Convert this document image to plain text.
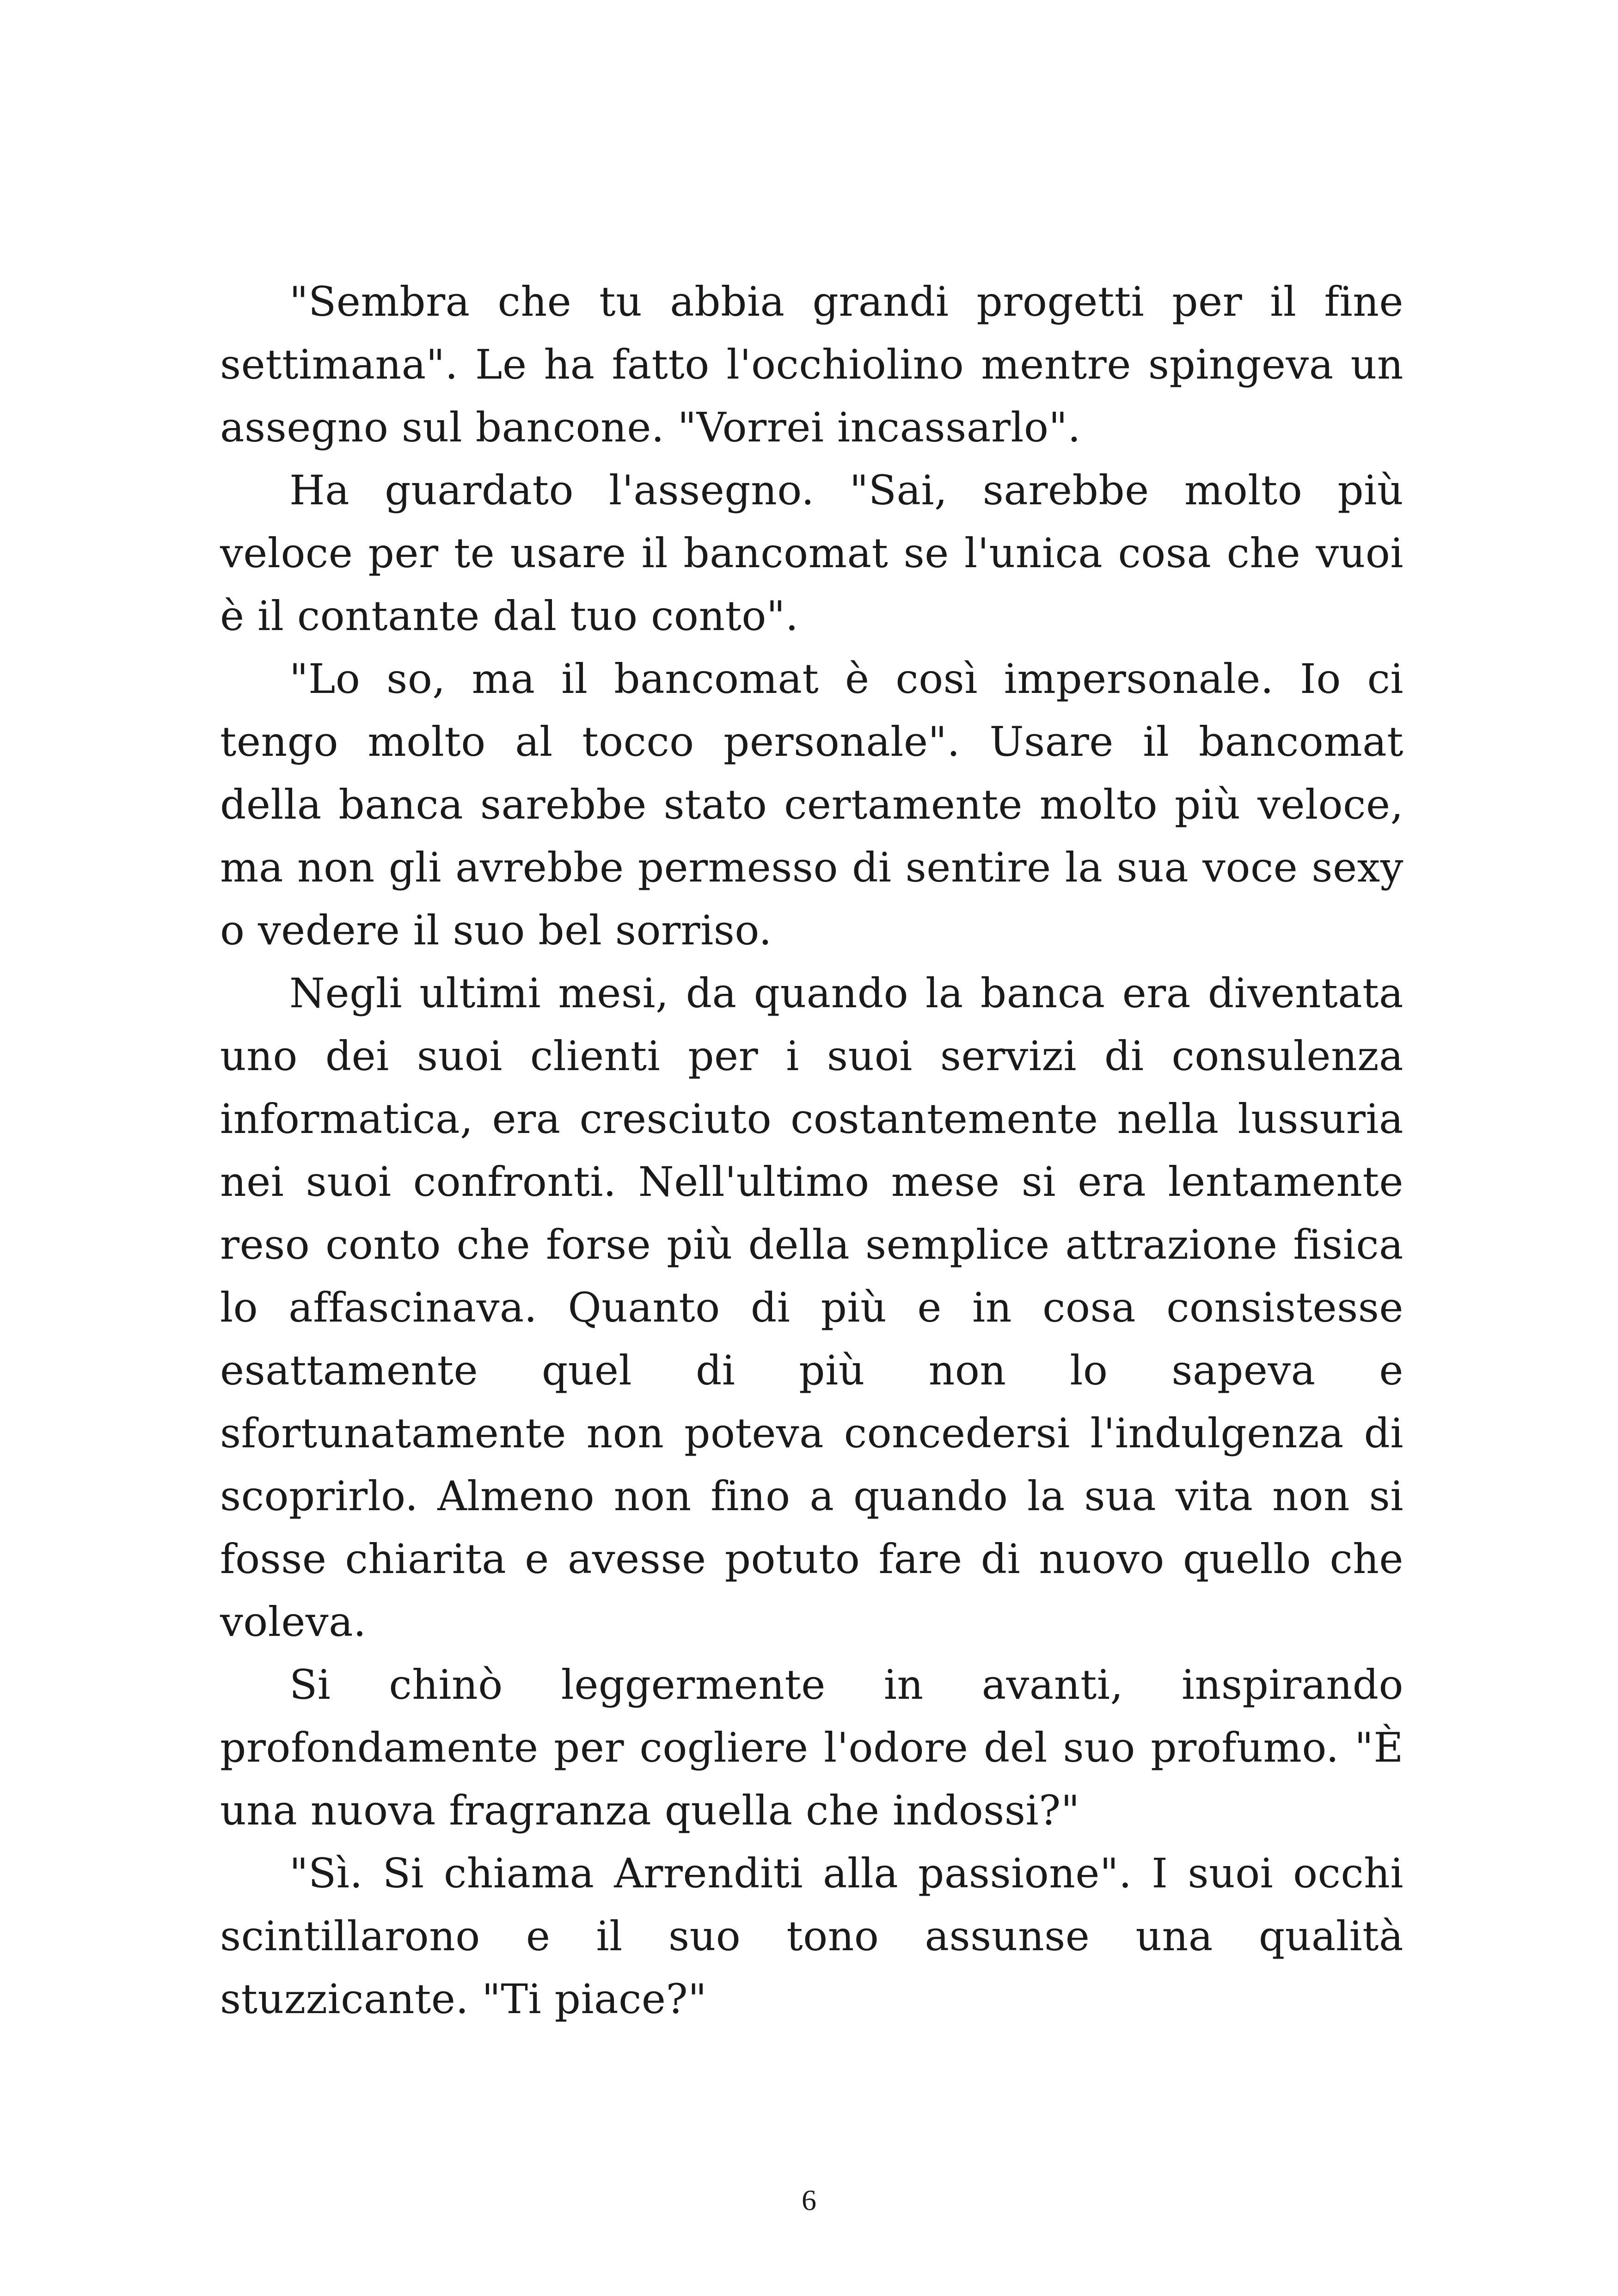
"Sembra che tu abbia grandi progetti per il fine settimana". Le ha fatto l'occhiolino mentre spingeva un assegno sul bancone. "Vorrei incassarlo".

Ha guardato l'assegno. "Sai, sarebbe molto più veloce per te usare il bancomat se l'unica cosa che vuoi è il contante dal tuo conto".

"Lo so, ma il bancomat è così impersonale. Io ci tengo molto al tocco personale". Usare il bancomat della banca sarebbe stato certamente molto più veloce, ma non gli avrebbe permesso di sentire la sua voce sexy o vedere il suo bel sorriso.

Negli ultimi mesi, da quando la banca era diventata uno dei suoi clienti per i suoi servizi di consulenza informatica, era cresciuto costantemente nella lussuria nei suoi confronti. Nell'ultimo mese si era lentamente reso conto che forse più della semplice attrazione fisica lo affascinava. Quanto di più e in cosa consistesse esattamente quel di più non lo sapeva e sfortunatamente non poteva concedersi l'indulgenza di scoprirlo. Almeno non fino a quando la sua vita non si fosse chiarita e avesse potuto fare di nuovo quello che voleva.

Si chinò leggermente in avanti, inspirando profondamente per cogliere l'odore del suo profumo. "È una nuova fragranza quella che indossi?"

"Sì. Si chiama Arrenditi alla passione". I suoi occhi scintillarono e il suo tono assunse una qualità stuzzicante. "Ti piace?"

6
